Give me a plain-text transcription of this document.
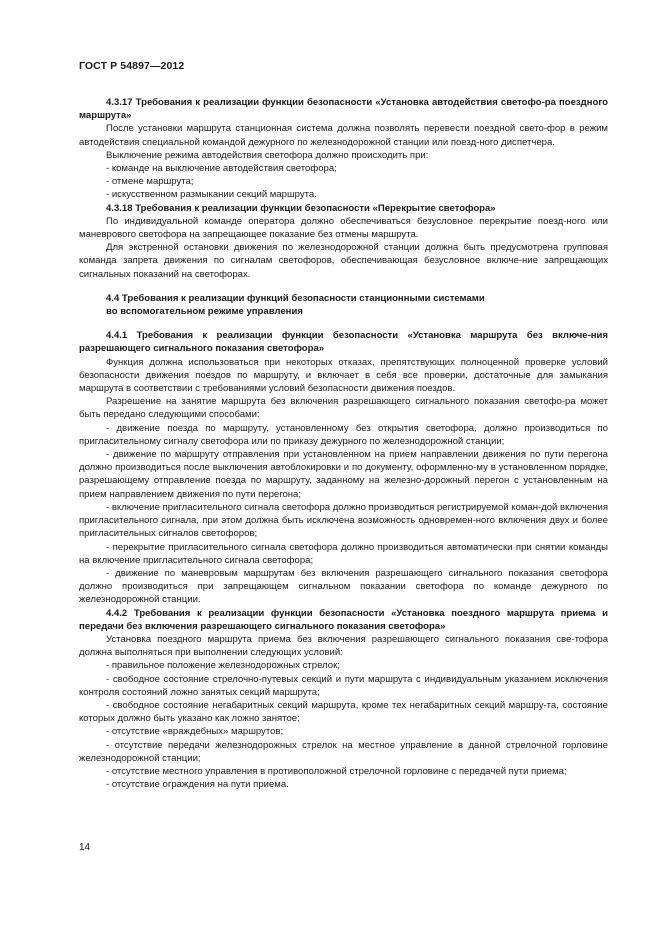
ГОСТ Р 54897—2012

4.3.17 Требования к реализации функции безопасности «Установка автодействия светофо-ра поездного маршрута»

После установки маршрута станционная система должна позволять перевести поездной свето-фор в режим автодействия специальной командой дежурного по железнодорожной станции или поезд-ного диспетчера.

Выключение режима автодействия светофора должно происходить при:

- команде на выключение автодействия светофора;

- отмене маршрута;

- искусственном размыкании секций маршрута.

4.3.18 Требования к реализации функции безопасности «Перекрытие светофора»

По индивидуальной команде оператора должно обеспечиваться безусловное перекрытие поезд-ного или маневрового светофора на запрещающее показание без отмены маршрута.

Для экстренной остановки движения по железнодорожной станции должна быть предусмотрена групповая команда запрета движения по сигналам светофоров, обеспечивающая безусловное включе-ние запрещающих сигнальных показаний на светофорах.

4.4 Требования к реализации функций безопасности станционными системами
во вспомогательном режиме управления

4.4.1 Требования к реализации функции безопасности «Установка маршрута без включе-ния разрешающего сигнального показания светофора»

Функция должна использоваться при некоторых отказах, препятствующих полноценной проверке условий безопасности движения поездов по маршруту, и включает в себя все проверки, достаточные для замыкания маршрута в соответствии с требованиями условий безопасности движения поездов.

Разрешение на занятие маршрута без включения разрешающего сигнального показания светофо-ра может быть передано следующими способами:

- движение поезда по маршруту, установленному без открытия светофора, должно производиться по пригласительному сигналу светофора или по приказу дежурного по железнодорожной станции;

- движение по маршруту отправления при установленном на прием направлении движения по пути перегона должно производиться после выключения автоблокировки и по документу, оформленно-му в установленном порядке, разрешающему отправление поезда по маршруту, заданному на железно-дорожный перегон с установленным на прием направлением движения по пути перегона;

- включение пригласительного сигнала светофора должно производиться регистрируемой коман-дой включения пригласительного сигнала, при этом должна быть исключена возможность одновремен-ного включения двух и более пригласительных сигналов светофоров;

- перекрытие пригласительного сигнала светофора должно производиться автоматически при снятии команды на включение пригласительного сигнала светофора;

- движение по маневровым маршрутам без включения разрешающего сигнального показания светофора должно производиться при запрещающем сигнальном показании светофора по команде дежурного по железнодорожной станции.

4.4.2 Требования к реализации функции безопасности «Установка поездного маршрута приема и передачи без включения разрешающего сигнального показания светофора»

Установка поездного маршрута приема без включения разрешающего сигнального показания све-тофора должна выполняться при выполнении следующих условий:

- правильное положение железнодорожных стрелок;

- свободное состояние стрелочно-путевых секций и пути маршрута с индивидуальным указанием исключения контроля состояний ложно занятых секций маршрута;

- свободное состояние негабаритных секций маршрута, кроме тех негабаритных секций маршру-та, состояние которых должно быть указано как ложно занятое;

- отсутствие «враждебных» маршрутов;

- отсутствие передачи железнодорожных стрелок на местное управление в данной стрелочной горловине железнодорожной станции;

- отсутствие местного управления в противоположной стрелочной горловине с передачей пути приема;

- отсутствие ограждения на пути приема.

14
